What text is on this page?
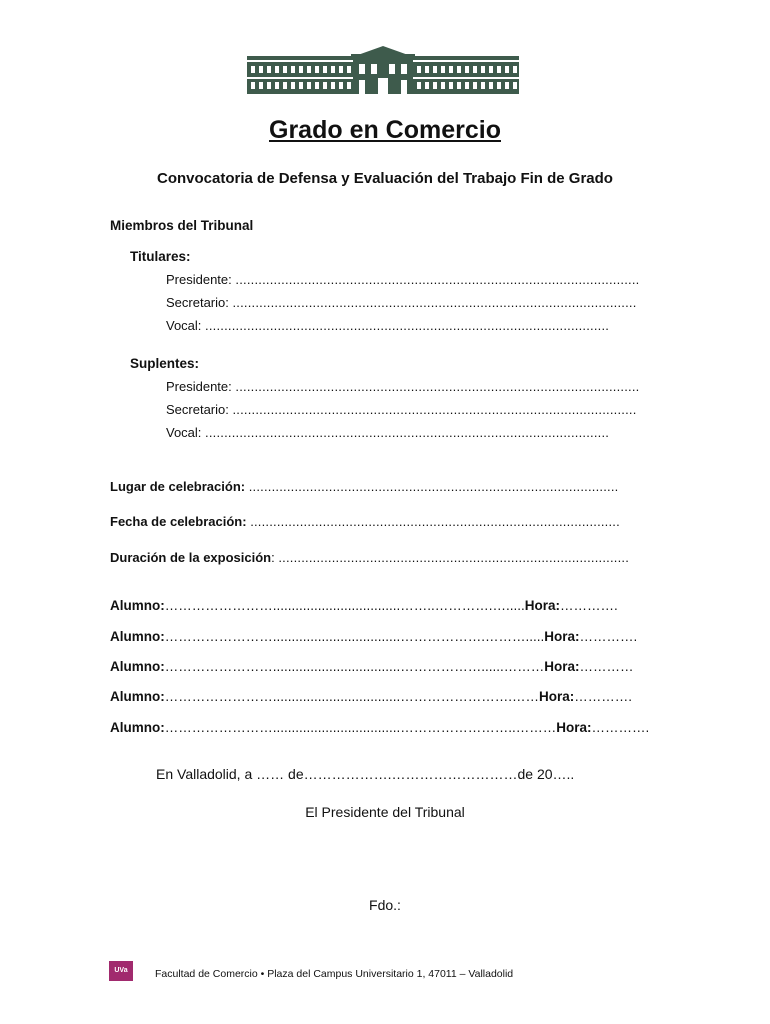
Grado en Comercio
Convocatoria de Defensa y Evaluación del Trabajo Fin de Grado
Miembros del Tribunal
Titulares:
Presidente: ..........................................................................................................
Secretario: ..........................................................................................................
Vocal: ..........................................................................................................
Suplentes:
Presidente: ..........................................................................................................
Secretario: ..........................................................................................................
Vocal: ..........................................................................................................
Lugar de celebración: .................................................................................................
Fecha de celebración: .................................................................................................
Duración de la exposición: ............................................................................................
Alumno:……………………..................................……..………….….....Hora:………….
Alumno:……………………..................................……………….……….....Hora:………….
Alumno:……………………..................................………………......………Hora:…………
Alumno:……………………..................................…………………….……Hora:………….
Alumno:……………………..................................……………………..………Hora:………….
En Valladolid, a …… de……………….………………………de 20…..
El Presidente del Tribunal
Fdo.:
UVa	Facultad de Comercio • Plaza del Campus Universitario 1, 47011 – Valladolid
